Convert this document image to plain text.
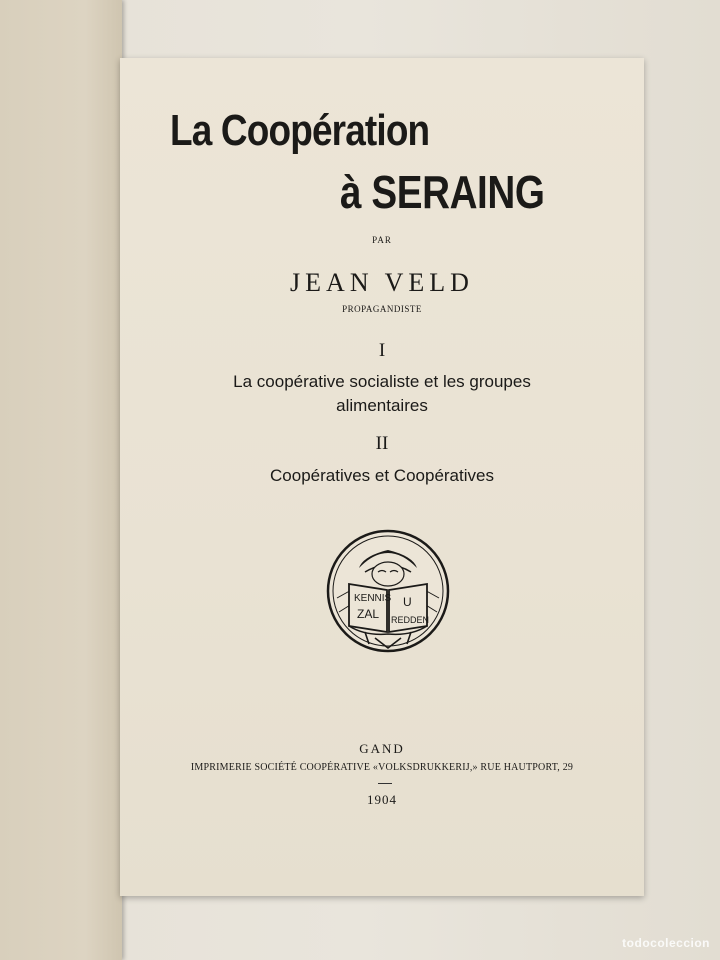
La Coopération
à SERAING
PAR
JEAN VELD
PROPAGANDISTE
I
La coopérative socialiste et les groupes
alimentaires
II
Coopératives et Coopératives
KENNIS
ZAL
U
REDDEN
GAND
IMPRIMERIE SOCIÉTÉ COOPÉRATIVE «VOLKSDRUKKERIJ,» RUE HAUTPORT, 29
1904
todocoleccion
